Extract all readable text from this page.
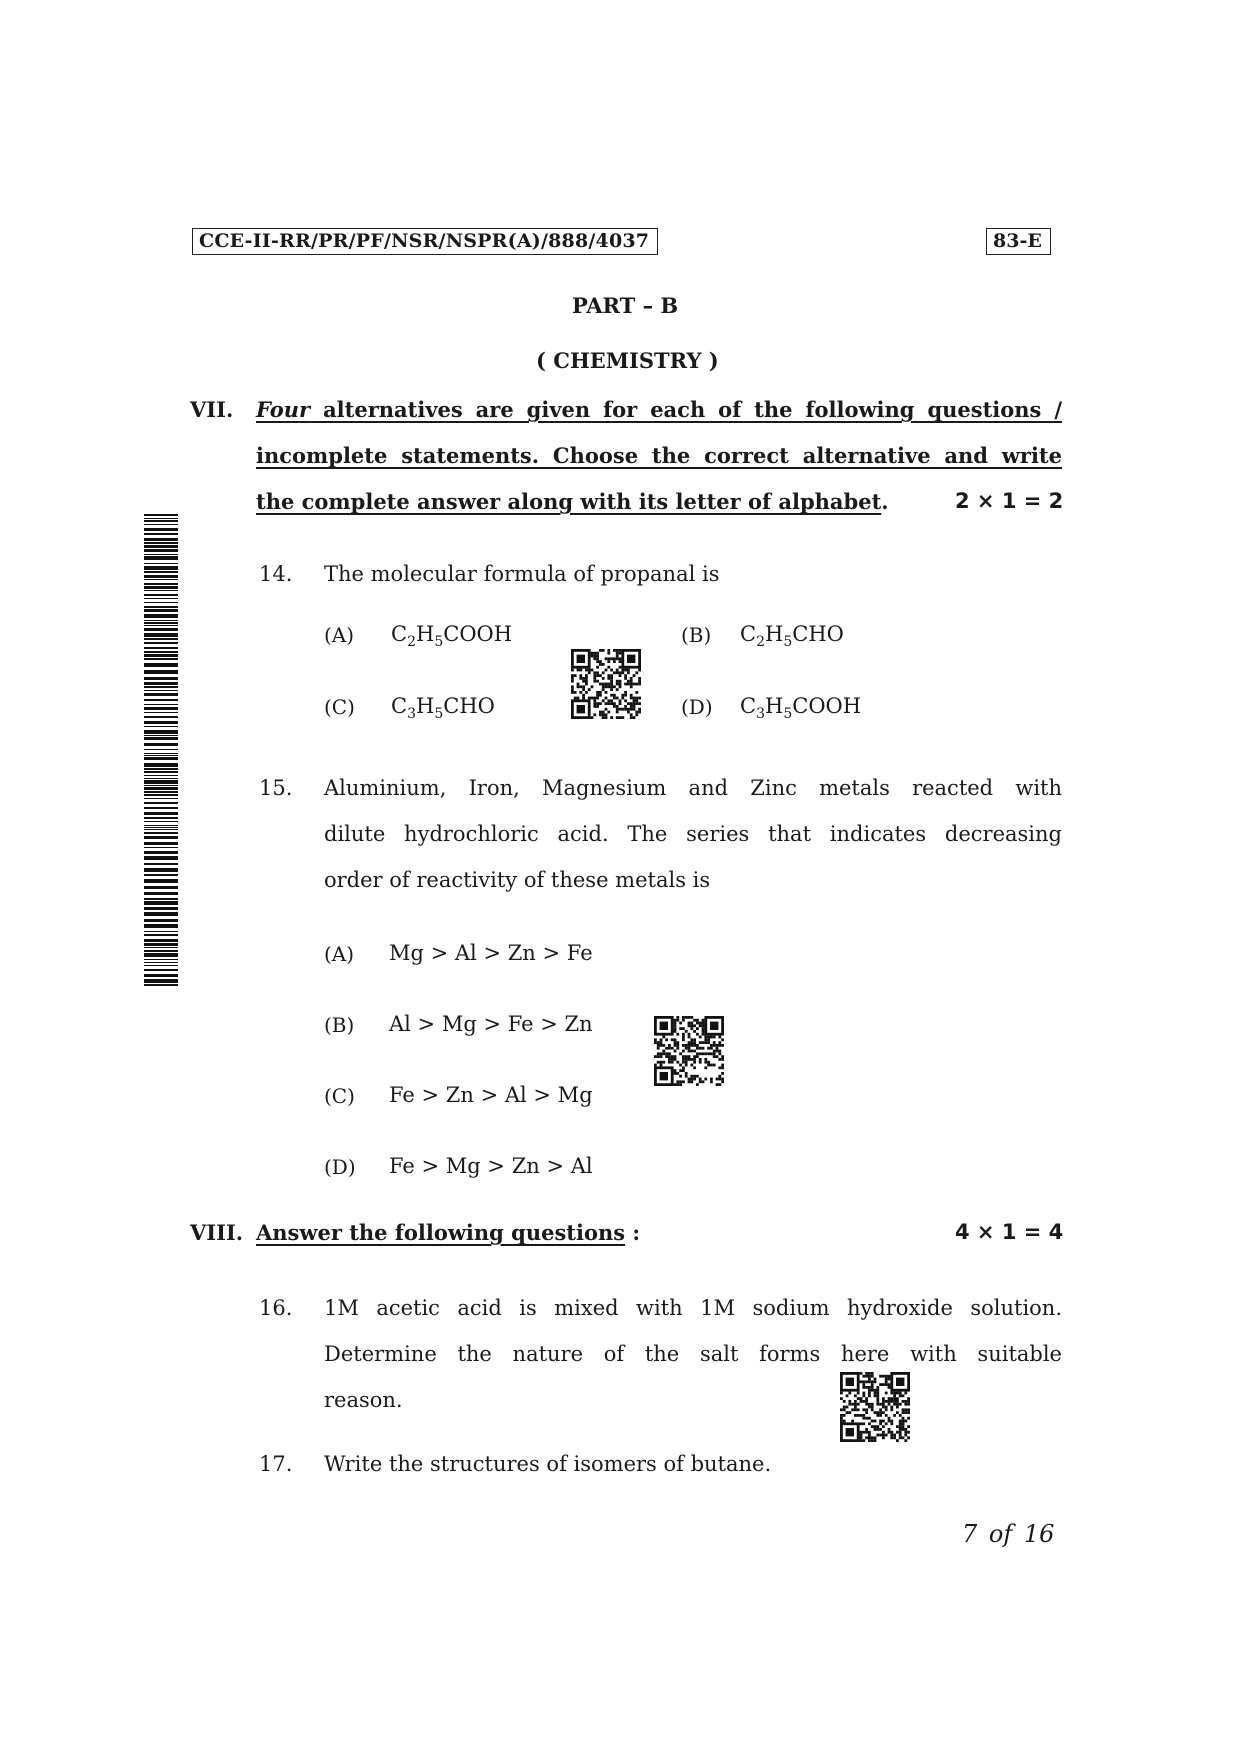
CCE-II-RR/PR/PF/NSR/NSPR(A)/888/4037	83-E
PART – B
( CHEMISTRY )
VII. Four alternatives are given for each of the following questions /
incomplete statements. Choose the correct alternative and write
the complete answer along with its letter of alphabet.	2 × 1 = 2
14. The molecular formula of propanal is
(A) $C_2H_5COOH$	(B) $C_2H_5CHO$
(C) $C_3H_5CHO$	(D) $C_3H_5COOH$
15. Aluminium, Iron, Magnesium and Zinc metals reacted with
dilute hydrochloric acid. The series that indicates decreasing
order of reactivity of these metals is
(A) Mg > Al > Zn > Fe
(B) Al > Mg > Fe > Zn
(C) Fe > Zn > Al > Mg
(D) Fe > Mg > Zn > Al
VIII. Answer the following questions :	4 × 1 = 4
16. 1M acetic acid is mixed with 1M sodium hydroxide solution.
Determine the nature of the salt forms here with suitable
reason.
17. Write the structures of isomers of butane.
7 of 16
